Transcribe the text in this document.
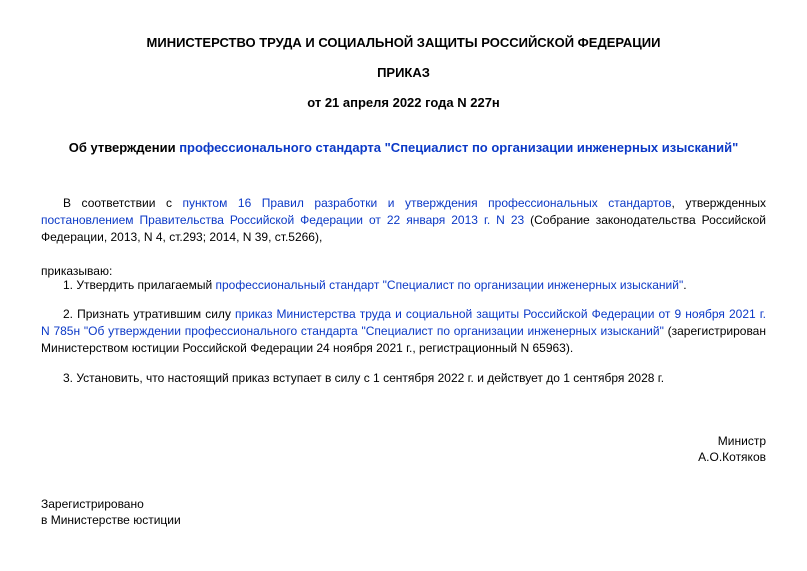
МИНИСТЕРСТВО ТРУДА И СОЦИАЛЬНОЙ ЗАЩИТЫ РОССИЙСКОЙ ФЕДЕРАЦИИ
ПРИКАЗ
от 21 апреля 2022 года N 227н
Об утверждении профессионального стандарта "Специалист по организации инженерных изысканий"
В соответствии с пунктом 16 Правил разработки и утверждения профессиональных стандартов, утвержденных постановлением Правительства Российской Федерации от 22 января 2013 г. N 23 (Собрание законодательства Российской Федерации, 2013, N 4, ст.293; 2014, N 39, ст.5266),
приказываю:
1. Утвердить прилагаемый профессиональный стандарт "Специалист по организации инженерных изысканий".
2. Признать утратившим силу приказ Министерства труда и социальной защиты Российской Федерации от 9 ноября 2021 г. N 785н "Об утверждении профессионального стандарта "Специалист по организации инженерных изысканий" (зарегистрирован Министерством юстиции Российской Федерации 24 ноября 2021 г., регистрационный N 65963).
3. Установить, что настоящий приказ вступает в силу с 1 сентября 2022 г. и действует до 1 сентября 2028 г.
Министр
А.О.Котяков
Зарегистрировано
в Министерстве юстиции
